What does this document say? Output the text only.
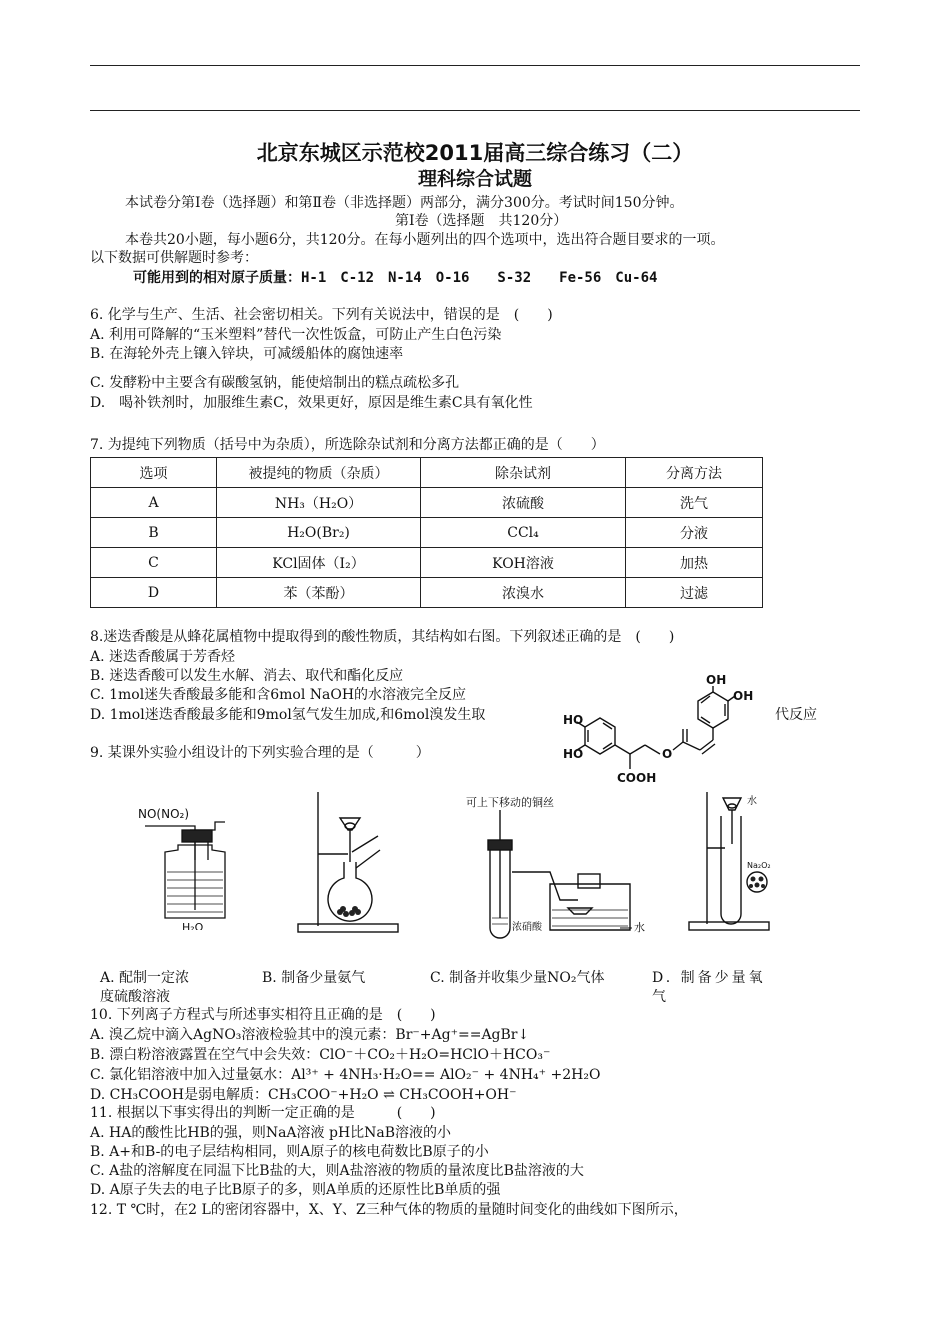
北京东城区示范校2011届高三综合练习（二）
理科综合试题
本试卷分第Ⅰ卷（选择题）和第Ⅱ卷（非选择题）两部分，满分300分。考试时间150分钟。
第Ⅰ卷（选择题　共120分）
本卷共20小题，每小题6分，共120分。在每小题列出的四个选项中，选出符合题目要求的一项。
以下数据可供解题时参考：
可能用到的相对原子质量：H-1　C-12　N-14　O-16　　S-32　　Fe-56　Cu-64
6. 化学与生产、生活、社会密切相关。下列有关说法中，错误的是　(　　)
A. 利用可降解的“玉米塑料”替代一次性饭盒，可防止产生白色污染
B. 在海轮外壳上镶入锌块，可减缓船体的腐蚀速率
C. 发酵粉中主要含有碳酸氢钠，能使焙制出的糕点疏松多孔
D.　喝补铁剂时，加服维生素C，效果更好，原因是维生素C具有氧化性
7. 为提纯下列物质（括号中为杂质），所选除杂试剂和分离方法都正确的是（　　）
选项	被提纯的物质（杂质）	除杂试剂	分离方法
A	NH₃（H₂O）	浓硫酸	洗气
B	H₂O(Br₂)	CCl₄	分液
C	KCl固体（I₂）	KOH溶液	加热
D	苯（苯酚）	浓溴水	过滤
8.迷迭香酸是从蜂花属植物中提取得到的酸性物质，其结构如右图。下列叙述正确的是　(　　)
A. 迷迭香酸属于芳香烃
B. 迷迭香酸可以发生水解、消去、取代和酯化反应
C. 1mol迷失香酸最多能和含6mol NaOH的水溶液完全反应
D. 1mol迷迭香酸最多能和9mol氢气发生加成,和6mol溴发生取	代反应
HO
HO
OH
OH
COOH
O
9. 某课外实验小组设计的下列实验合理的是（　　　）
NO(NO₂)
H₂O
可上下移动的铜丝
浓硝酸	水
水
Na₂O₂
A. 配制一定浓
度硫酸溶液
B. 制备少量氨气	C. 制备并收集少量NO₂气体	D. 制备少量氧
气
10. 下列离子方程式与所述事实相符且正确的是　(　　)
A. 溴乙烷中滴入AgNO₃溶液检验其中的溴元素：Br⁻+Ag⁺==AgBr↓
B. 漂白粉溶液露置在空气中会失效：ClO⁻＋CO₂＋H₂O=HClO＋HCO₃⁻
C. 氯化铝溶液中加入过量氨水：Al³⁺ + 4NH₃·H₂O== AlO₂⁻ + 4NH₄⁺ +2H₂O
D. CH₃COOH是弱电解质：CH₃COO⁻+H₂O ⇌ CH₃COOH+OH⁻
11. 根据以下事实得出的判断一定正确的是　　　(　　)
A. HA的酸性比HB的强，则NaA溶液 pH比NaB溶液的小
B. A+和B-的电子层结构相同，则A原子的核电荷数比B原子的小
C. A盐的溶解度在同温下比B盐的大，则A盐溶液的物质的量浓度比B盐溶液的大
D. A原子失去的电子比B原子的多，则A单质的还原性比B单质的强
12. T ℃时，在2 L的密闭容器中，X、Y、Z三种气体的物质的量随时间变化的曲线如下图所示，
